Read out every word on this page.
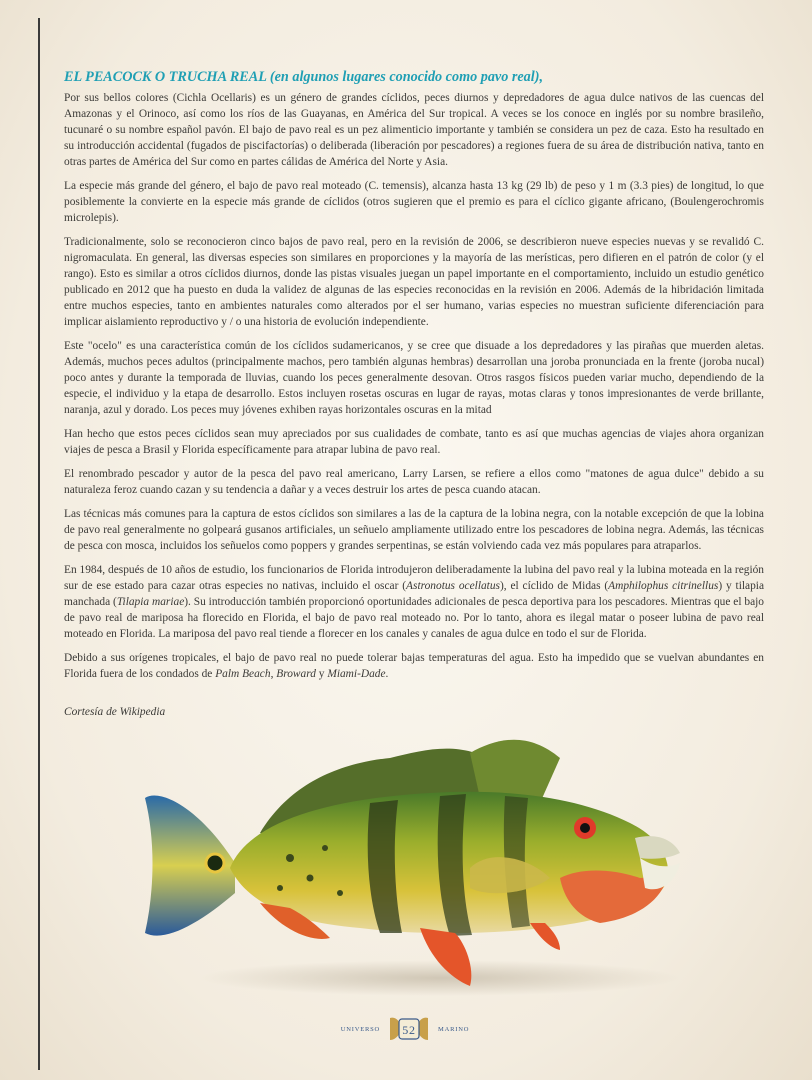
EL PEACOCK O TRUCHA REAL (en algunos lugares conocido como pavo real),

Por sus bellos colores (Cichla Ocellaris) es un género de grandes cíclidos, peces diurnos y depredadores de agua dulce nativos de las cuencas del Amazonas y el Orinoco, así como los ríos de las Guayanas, en América del Sur tropical. A veces se los conoce en inglés por su nombre brasileño, tucunaré o su nombre español pavón. El bajo de pavo real es un pez alimenticio importante y también se considera un pez de caza. Esto ha resultado en su introducción accidental (fugados de piscifactorías) o deliberada (liberación por pescadores) a regiones fuera de su área de distribución nativa, tanto en otras partes de América del Sur como en partes cálidas de América del Norte y Asia.

La especie más grande del género, el bajo de pavo real moteado (C. temensis), alcanza hasta 13 kg (29 lb) de peso y 1 m (3.3 pies) de longitud, lo que posiblemente la convierte en la especie más grande de cíclidos (otros sugieren que el premio es para el cíclico gigante africano, (Boulengerochromis microlepis).

Tradicionalmente, solo se reconocieron cinco bajos de pavo real, pero en la revisión de 2006, se describieron nueve especies nuevas y se revalidó C. nigromaculata. En general, las diversas especies son similares en proporciones y la mayoría de las merísticas, pero difieren en el patrón de color (y el rango). Esto es similar a otros cíclidos diurnos, donde las pistas visuales juegan un papel importante en el comportamiento, incluido un estudio genético publicado en 2012 que ha puesto en duda la validez de algunas de las especies reconocidas en la revisión en 2006. Además de la hibridación limitada entre muchos especies, tanto en ambientes naturales como alterados por el ser humano, varias especies no muestran suficiente diferenciación para implicar aislamiento reproductivo y / o una historia de evolución independiente.

Este "ocelo" es una característica común de los cíclidos sudamericanos, y se cree que disuade a los depredadores y las pirañas que muerden aletas. Además, muchos peces adultos (principalmente machos, pero también algunas hembras) desarrollan una joroba pronunciada en la frente (joroba nucal) poco antes y durante la temporada de lluvias, cuando los peces generalmente desovan. Otros rasgos físicos pueden variar mucho, dependiendo de la especie, el individuo y la etapa de desarrollo. Estos incluyen rosetas oscuras en lugar de rayas, motas claras y tonos impresionantes de verde brillante, naranja, azul y dorado. Los peces muy jóvenes exhiben rayas horizontales oscuras en la mitad

Han hecho que estos peces cíclidos sean muy apreciados por sus cualidades de combate, tanto es así que muchas agencias de viajes ahora organizan viajes de pesca a Brasil y Florida específicamente para atrapar lubina de pavo real.

El renombrado pescador y autor de la pesca del pavo real americano, Larry Larsen, se refiere a ellos como "matones de agua dulce" debido a su naturaleza feroz cuando cazan y su tendencia a dañar y a veces destruir los artes de pesca cuando atacan.

Las técnicas más comunes para la captura de estos cíclidos son similares a las de la captura de la lobina negra, con la notable excepción de que la lobina de pavo real generalmente no golpeará gusanos artificiales, un señuelo ampliamente utilizado entre los pescadores de lobina negra. Además, las técnicas de pesca con mosca, incluidos los señuelos como poppers y grandes serpentinas, se están volviendo cada vez más populares para atraparlos.

En 1984, después de 10 años de estudio, los funcionarios de Florida introdujeron deliberadamente la lubina del pavo real y la lubina moteada en la región sur de ese estado para cazar otras especies no nativas, incluido el oscar (Astronotus ocellatus), el cíclido de Midas (Amphilophus citrinellus) y tilapia manchada (Tilapia mariae). Su introducción también proporcionó oportunidades adicionales de pesca deportiva para los pescadores. Mientras que el bajo de pavo real de mariposa ha florecido en Florida, el bajo de pavo real moteado no. Por lo tanto, ahora es ilegal matar o poseer lubina de pavo real moteado en Florida. La mariposa del pavo real tiende a florecer en los canales y canales de agua dulce en todo el sur de Florida.

Debido a sus orígenes tropicales, el bajo de pavo real no puede tolerar bajas temperaturas del agua. Esto ha impedido que se vuelvan abundantes en Florida fuera de los condados de Palm Beach, Broward y Miami-Dade.

Cortesía de Wikipedia
UNIVERSO 52	MARINO
